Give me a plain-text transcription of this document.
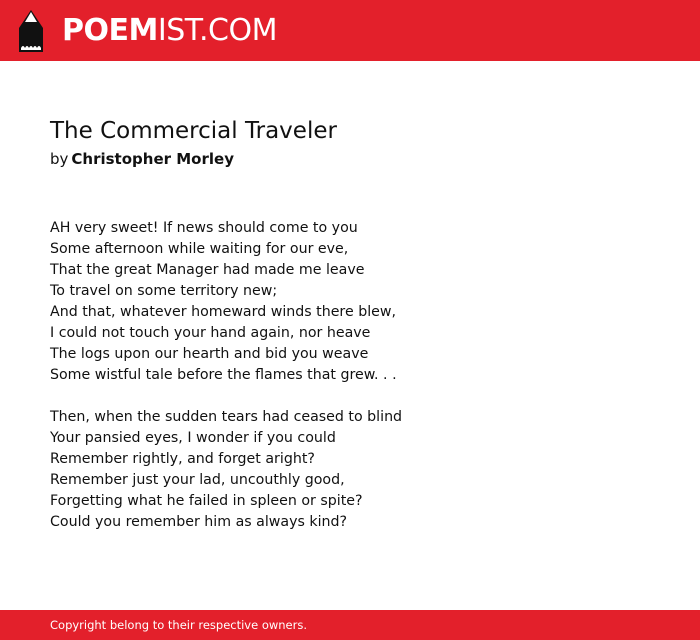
POEMIST.COM
The Commercial Traveler
by Christopher Morley
AH very sweet! If news should come to you
Some afternoon while waiting for our eve,
That the great Manager had made me leave
To travel on some territory new;
And that, whatever homeward winds there blew,
I could not touch your hand again, nor heave
The logs upon our hearth and bid you weave
Some wistful tale before the flames that grew. . .
Then, when the sudden tears had ceased to blind
Your pansied eyes, I wonder if you could
Remember rightly, and forget aright?
Remember just your lad, uncouthly good,
Forgetting what he failed in spleen or spite?
Could you remember him as always kind?
Copyright belong to their respective owners.
